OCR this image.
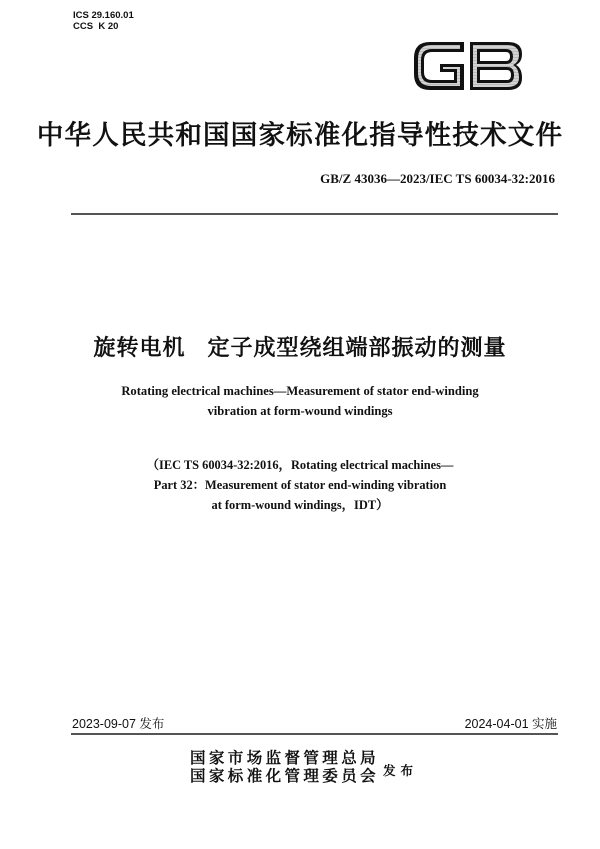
ICS 29.160.01
CCS  K 20
中华人民共和国国家标准化指导性技术文件
GB/Z 43036—2023/IEC TS 60034-32:2016
旋转电机 定子成型绕组端部振动的测量
Rotating electrical machines—Measurement of stator end-winding
vibration at form-wound windings
（IEC TS 60034-32:2016，Rotating electrical machines—
Part 32：Measurement of stator end-winding vibration
at form-wound windings，IDT）
2023-09-07 发布	2024-04-01 实施
国家市场监督管理总局
国家标准化管理委员会 发布
